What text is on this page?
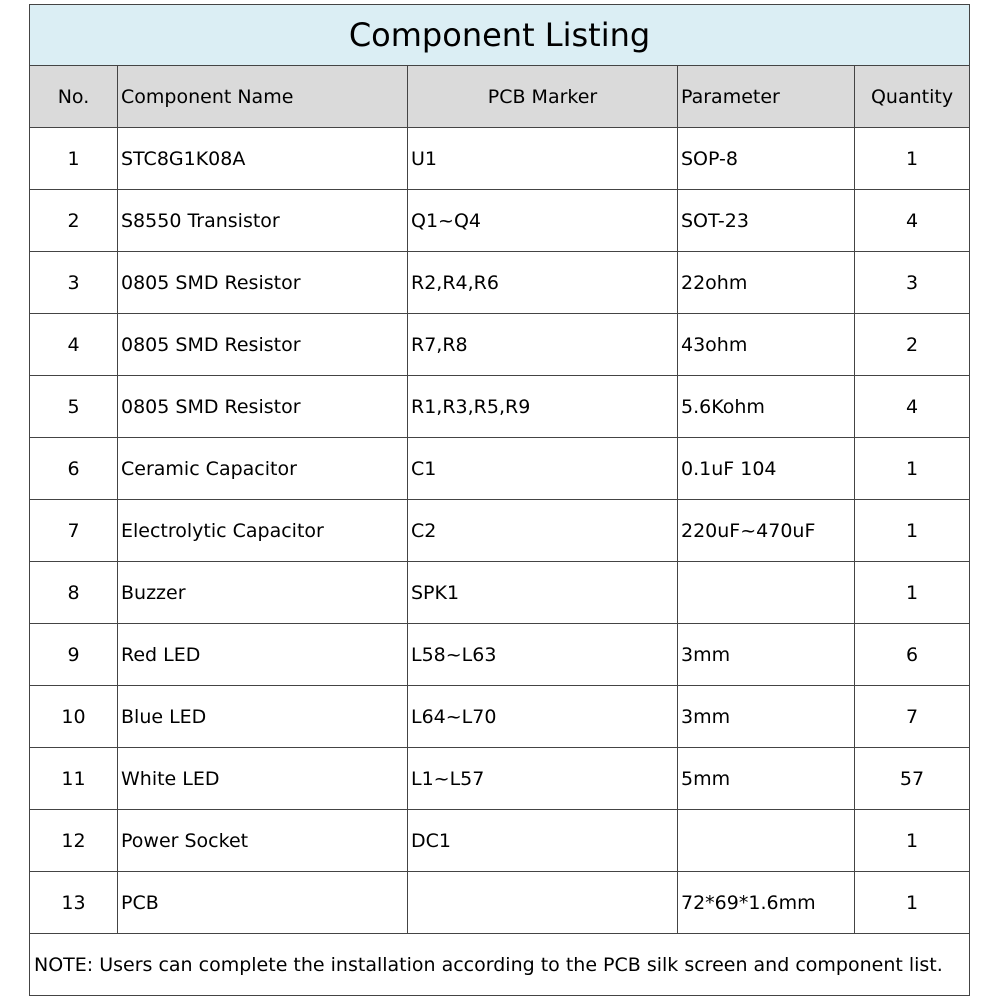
Component Listing				
No.	Component Name	PCB Marker	Parameter	Quantity
1	STC8G1K08A	U1	SOP-8	1
2	S8550 Transistor	Q1~Q4	SOT-23	4
3	0805 SMD Resistor	R2,R4,R6	22ohm	3
4	0805 SMD Resistor	R7,R8	43ohm	2
5	0805 SMD Resistor	R1,R3,R5,R9	5.6Kohm	4
6	Ceramic Capacitor	C1	0.1uF 104	1
7	Electrolytic Capacitor	C2	220uF~470uF	1
8	Buzzer	SPK1		1
9	Red LED	L58~L63	3mm	6
10	Blue LED	L64~L70	3mm	7
11	White LED	L1~L57	5mm	57
12	Power Socket	DC1		1
13	PCB		72*69*1.6mm	1
NOTE: Users can complete the installation according to the PCB silk screen and component list.				
